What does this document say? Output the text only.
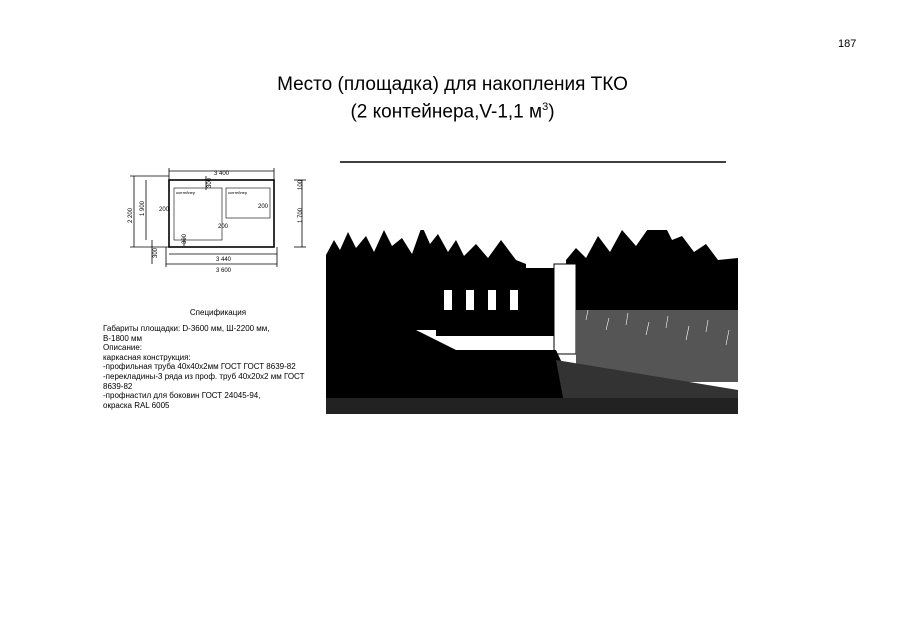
187
Место (площадка) для накопления ТКО
(2 контейнера,V-1,1 $м^3$)
3 400
3 440
3 600
2 200 1 900
300
1 700
100
300
300
200	200
200
контейнер	контейнер
Спецификация
Габариты площадки: D-3600 мм, Ш-2200 мм,
В-1800 мм
Описание:
каркасная конструкция:
-профильная труба 40х40х2мм ГОСТ ГОСТ 8639-82
-перекладины-3 ряда из проф. труб 40х20х2 мм ГОСТ
8639-82
-профнастил для боковин ГОСТ 24045-94,
окраска RAL 6005
